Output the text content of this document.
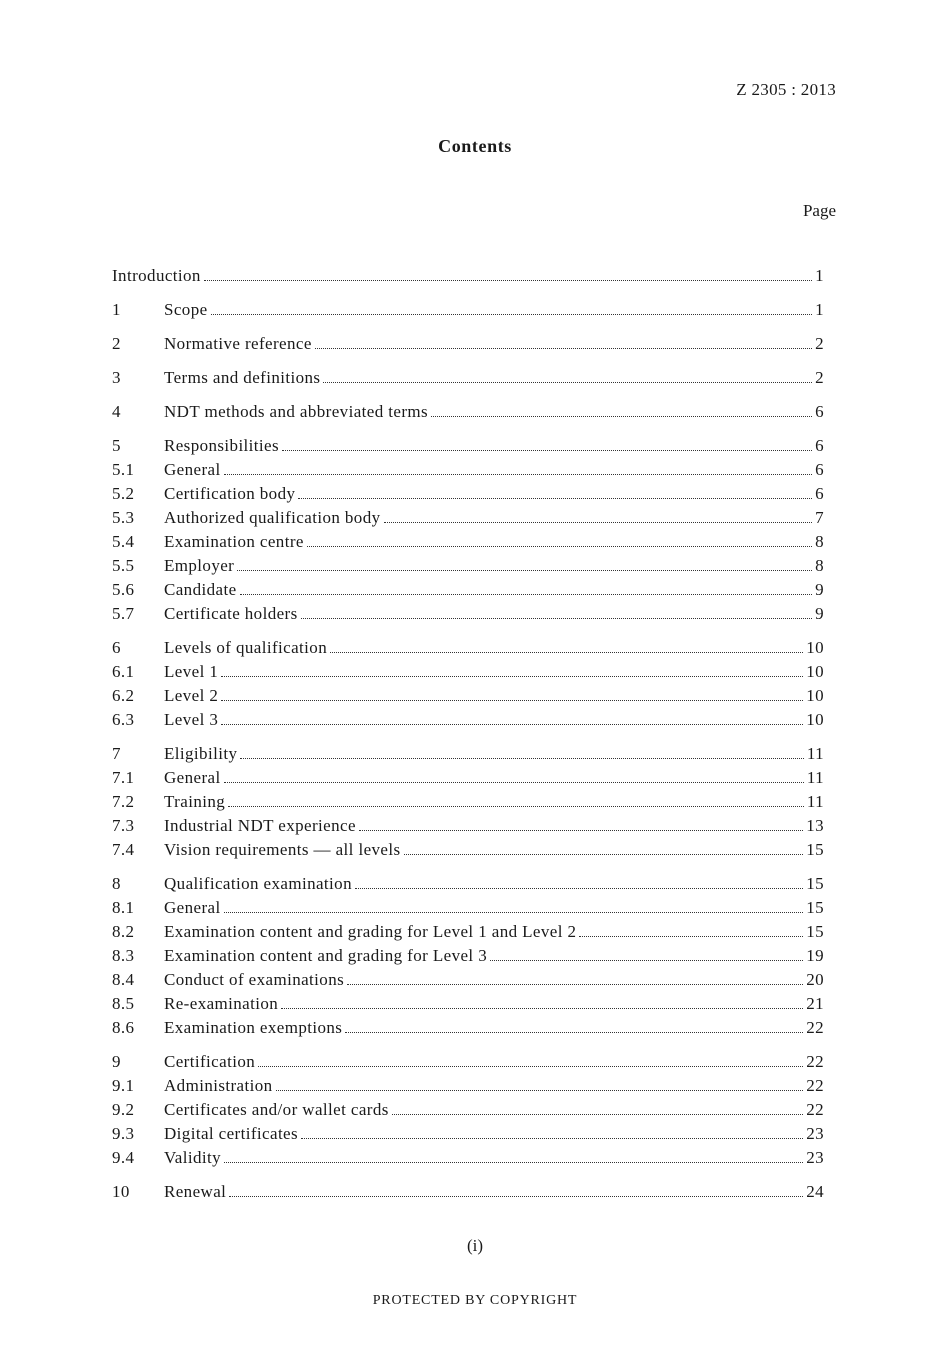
Z 2305 : 2013
Contents
Page
Introduction	1
1	Scope	1
2	Normative reference	2
3	Terms and definitions	2
4	NDT methods and abbreviated terms	6
5	Responsibilities	6
5.1	General	6
5.2	Certification body	6
5.3	Authorized qualification body	7
5.4	Examination centre	8
5.5	Employer	8
5.6	Candidate	9
5.7	Certificate holders	9
6	Levels of qualification	10
6.1	Level 1	10
6.2	Level 2	10
6.3	Level 3	10
7	Eligibility	11
7.1	General	11
7.2	Training	11
7.3	Industrial NDT experience	13
7.4	Vision requirements — all levels	15
8	Qualification examination	15
8.1	General	15
8.2	Examination content and grading for Level 1 and Level 2	15
8.3	Examination content and grading for Level 3	19
8.4	Conduct of examinations	20
8.5	Re-examination	21
8.6	Examination exemptions	22
9	Certification	22
9.1	Administration	22
9.2	Certificates and/or wallet cards	22
9.3	Digital certificates	23
9.4	Validity	23
10	Renewal	24
(i)
PROTECTED BY COPYRIGHT
